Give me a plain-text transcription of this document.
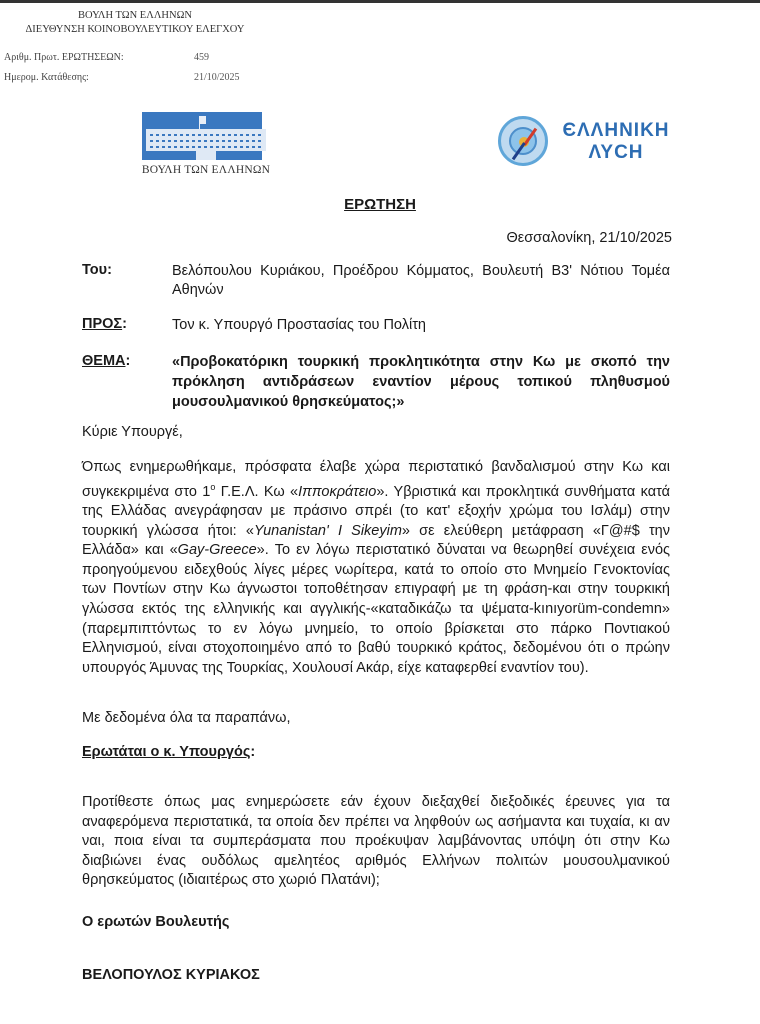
ΒΟΥΛΗ ΤΩΝ ΕΛΛΗΝΩΝ
ΔΙΕΥΘΥΝΣΗ ΚΟΙΝΟΒΟΥΛΕΥΤΙΚΟΥ ΕΛΕΓΧΟΥ
Αριθμ. Πρωτ. ΕΡΩΤΗΣΕΩΝ:	459
Ημερομ. Κατάθεσης:	21/10/2025
ΒΟΥΛΗ ΤΩΝ ΕΛΛΗΝΩΝ
ЄΛΛΗΝΙΚΗ
ΛΥCΗ
ΕΡΩΤΗΣΗ
Θεσσαλονίκη, 21/10/2025
Του:	Βελόπουλου Κυριάκου, Προέδρου Κόμματος, Βουλευτή Β3' Νότιου Τομέα Αθηνών
ΠΡΟΣ:	Τον κ. Υπουργό Προστασίας του Πολίτη
ΘΕΜΑ:	«Προβοκατόρικη τουρκική προκλητικότητα στην Κω με σκοπό την πρόκληση αντιδράσεων εναντίον μέρους τοπικού πληθυσμού μουσουλμανικού θρησκεύματος;»
Κύριε Υπουργέ,
Όπως ενημερωθήκαμε, πρόσφατα έλαβε χώρα περιστατικό βανδαλισμού στην Κω και συγκεκριμένα στο $1^o$ Γ.Ε.Λ. Κω «Ιπποκράτειο». Υβριστικά και προκλητικά συνθήματα κατά της Ελλάδας ανεγράφησαν με πράσινο σπρέι (το κατ' εξοχήν χρώμα του Ισλάμ) στην τουρκική γλώσσα ήτοι: «Yunanistan' I Sikeyim» σε ελεύθερη μετάφραση «Γ@#$ την Ελλάδα» και «Gay-Greece». Το εν λόγω περιστατικό δύναται να θεωρηθεί συνέχεια ενός προηγούμενου ειδεχθούς λίγες μέρες νωρίτερα, κατά το οποίο στο Μνημείο Γενοκτονίας των Ποντίων στην Κω άγνωστοι τοποθέτησαν επιγραφή με τη φράση-και στην τουρκική γλώσσα εκτός της ελληνικής και αγγλικής-«καταδικάζω τα ψέματα-kınıyorüm-condemn» (παρεμπιπτόντως το εν λόγω μνημείο, το οποίο βρίσκεται στο πάρκο Ποντιακού Ελληνισμού, είναι στοχοποιημένο από το βαθύ τουρκικό κράτος, δεδομένου ότι ο πρώην υπουργός Άμυνας της Τουρκίας, Χουλουσί Ακάρ, είχε καταφερθεί εναντίον του).
Με δεδομένα όλα τα παραπάνω,
Ερωτάται ο κ. Υπουργός:
Προτίθεστε όπως μας ενημερώσετε εάν έχουν διεξαχθεί διεξοδικές έρευνες για τα αναφερόμενα περιστατικά, τα οποία δεν πρέπει να ληφθούν ως ασήμαντα και τυχαία, κι αν ναι, ποια είναι τα συμπεράσματα που προέκυψαν λαμβάνοντας υπόψη ότι στην Κω διαβιώνει ένας ουδόλως αμελητέος αριθμός Ελλήνων πολιτών μουσουλμανικού θρησκεύματος (ιδιαιτέρως στο χωριό Πλατάνι);
Ο ερωτών Βουλευτής
ΒΕΛΟΠΟΥΛΟΣ ΚΥΡΙΑΚΟΣ
